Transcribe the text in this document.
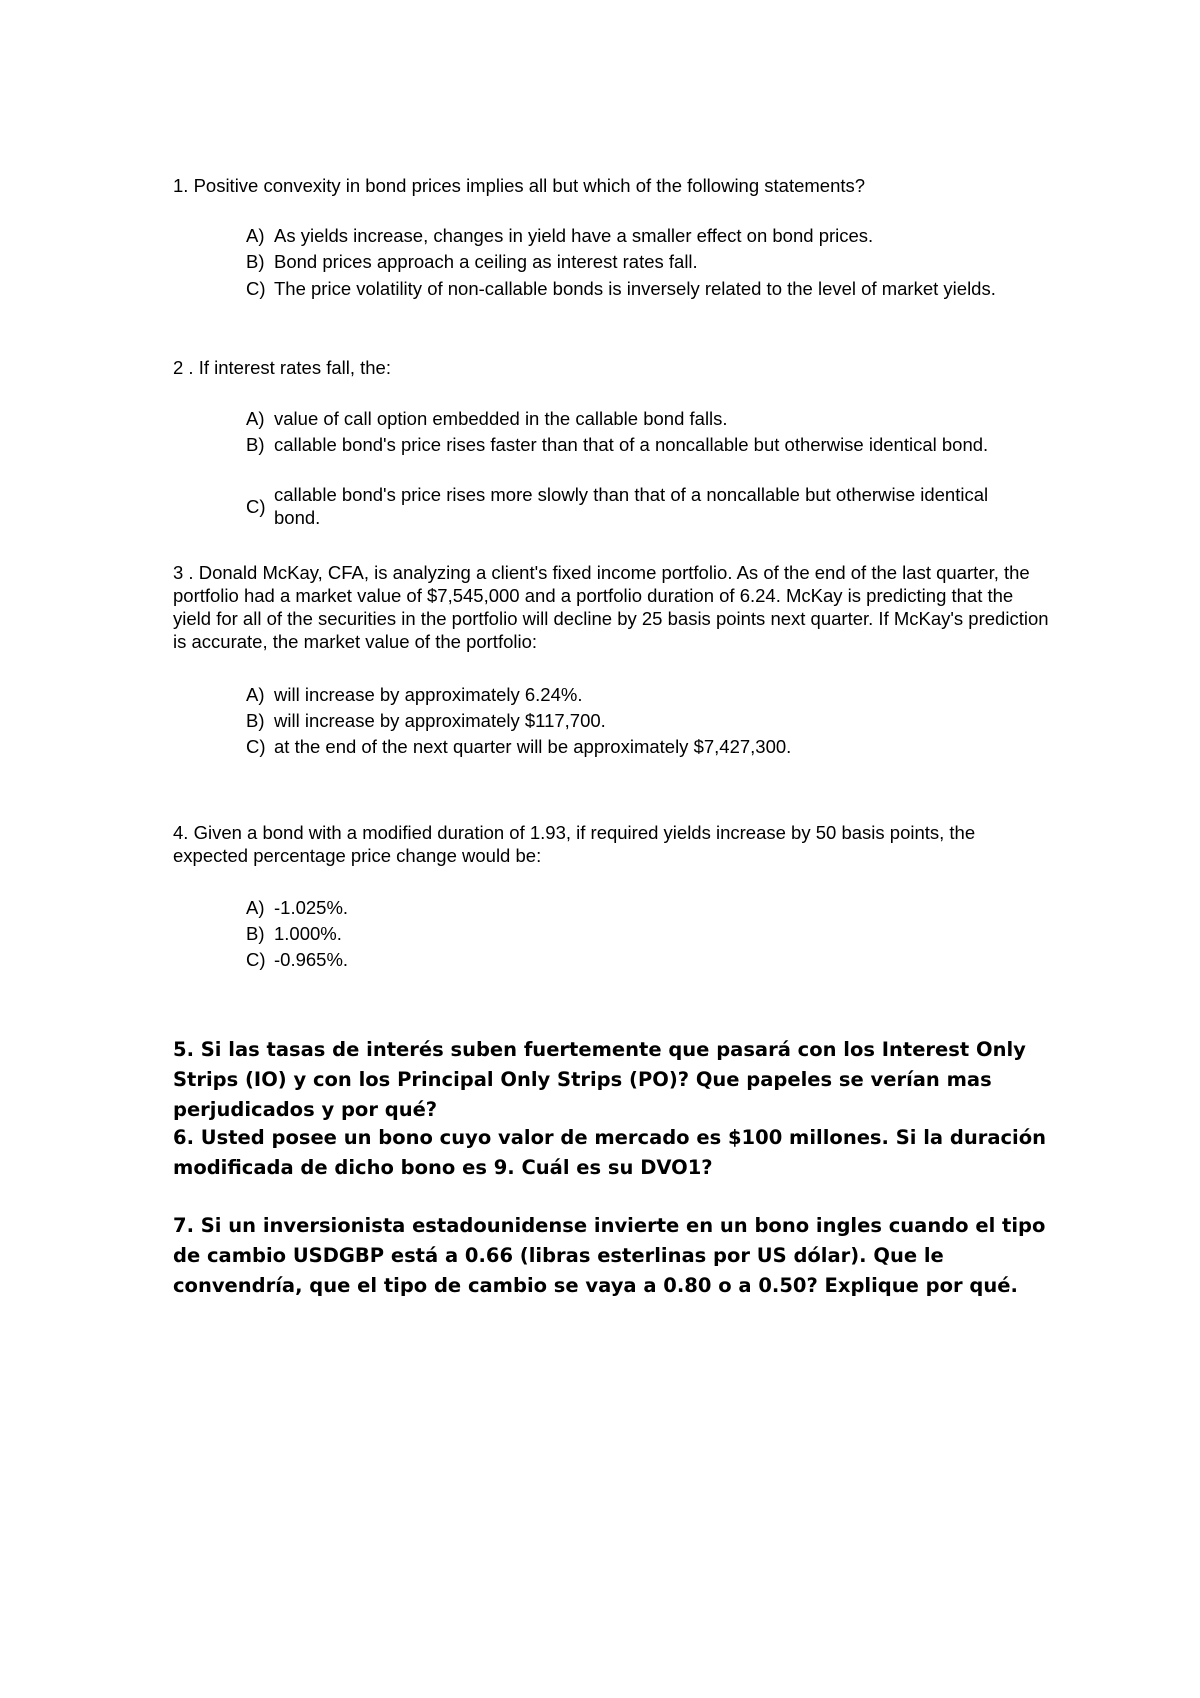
1. Positive convexity in bond prices implies all but which of the following statements?
A) As yields increase, changes in yield have a smaller effect on bond prices.
B) Bond prices approach a ceiling as interest rates fall.
C) The price volatility of non-callable bonds is inversely related to the level of market yields.
2 . If interest rates fall, the:
A) value of call option embedded in the callable bond falls.
B) callable bond's price rises faster than that of a noncallable but otherwise identical bond.
C)
callable bond's price rises more slowly than that of a noncallable but otherwise identical bond.
3 . Donald McKay, CFA, is analyzing a client's fixed income portfolio. As of the end of the last quarter, the portfolio had a market value of $7,545,000 and a portfolio duration of 6.24. McKay is predicting that the yield for all of the securities in the portfolio will decline by 25 basis points next quarter. If McKay's prediction is accurate, the market value of the portfolio:
A) will increase by approximately 6.24%.
B) will increase by approximately $117,700.
C) at the end of the next quarter will be approximately $7,427,300.
4. Given a bond with a modified duration of 1.93, if required yields increase by 50 basis points, the expected percentage price change would be:
A) -1.025%.
B) 1.000%.
C) -0.965%.
5. Si las tasas de interés suben fuertemente que pasará con los Interest Only Strips (IO) y con los Principal Only Strips (PO)? Que papeles se verían mas perjudicados y por qué?
6. Usted posee un bono cuyo valor de mercado es $100 millones. Si la duración modificada de dicho bono es 9. Cuál es su DVO1?
7. Si un inversionista estadounidense invierte en un bono ingles cuando el tipo de cambio USDGBP está a 0.66 (libras esterlinas por US dólar). Que le convendría, que el tipo de cambio se vaya a 0.80 o a 0.50? Explique por qué.
